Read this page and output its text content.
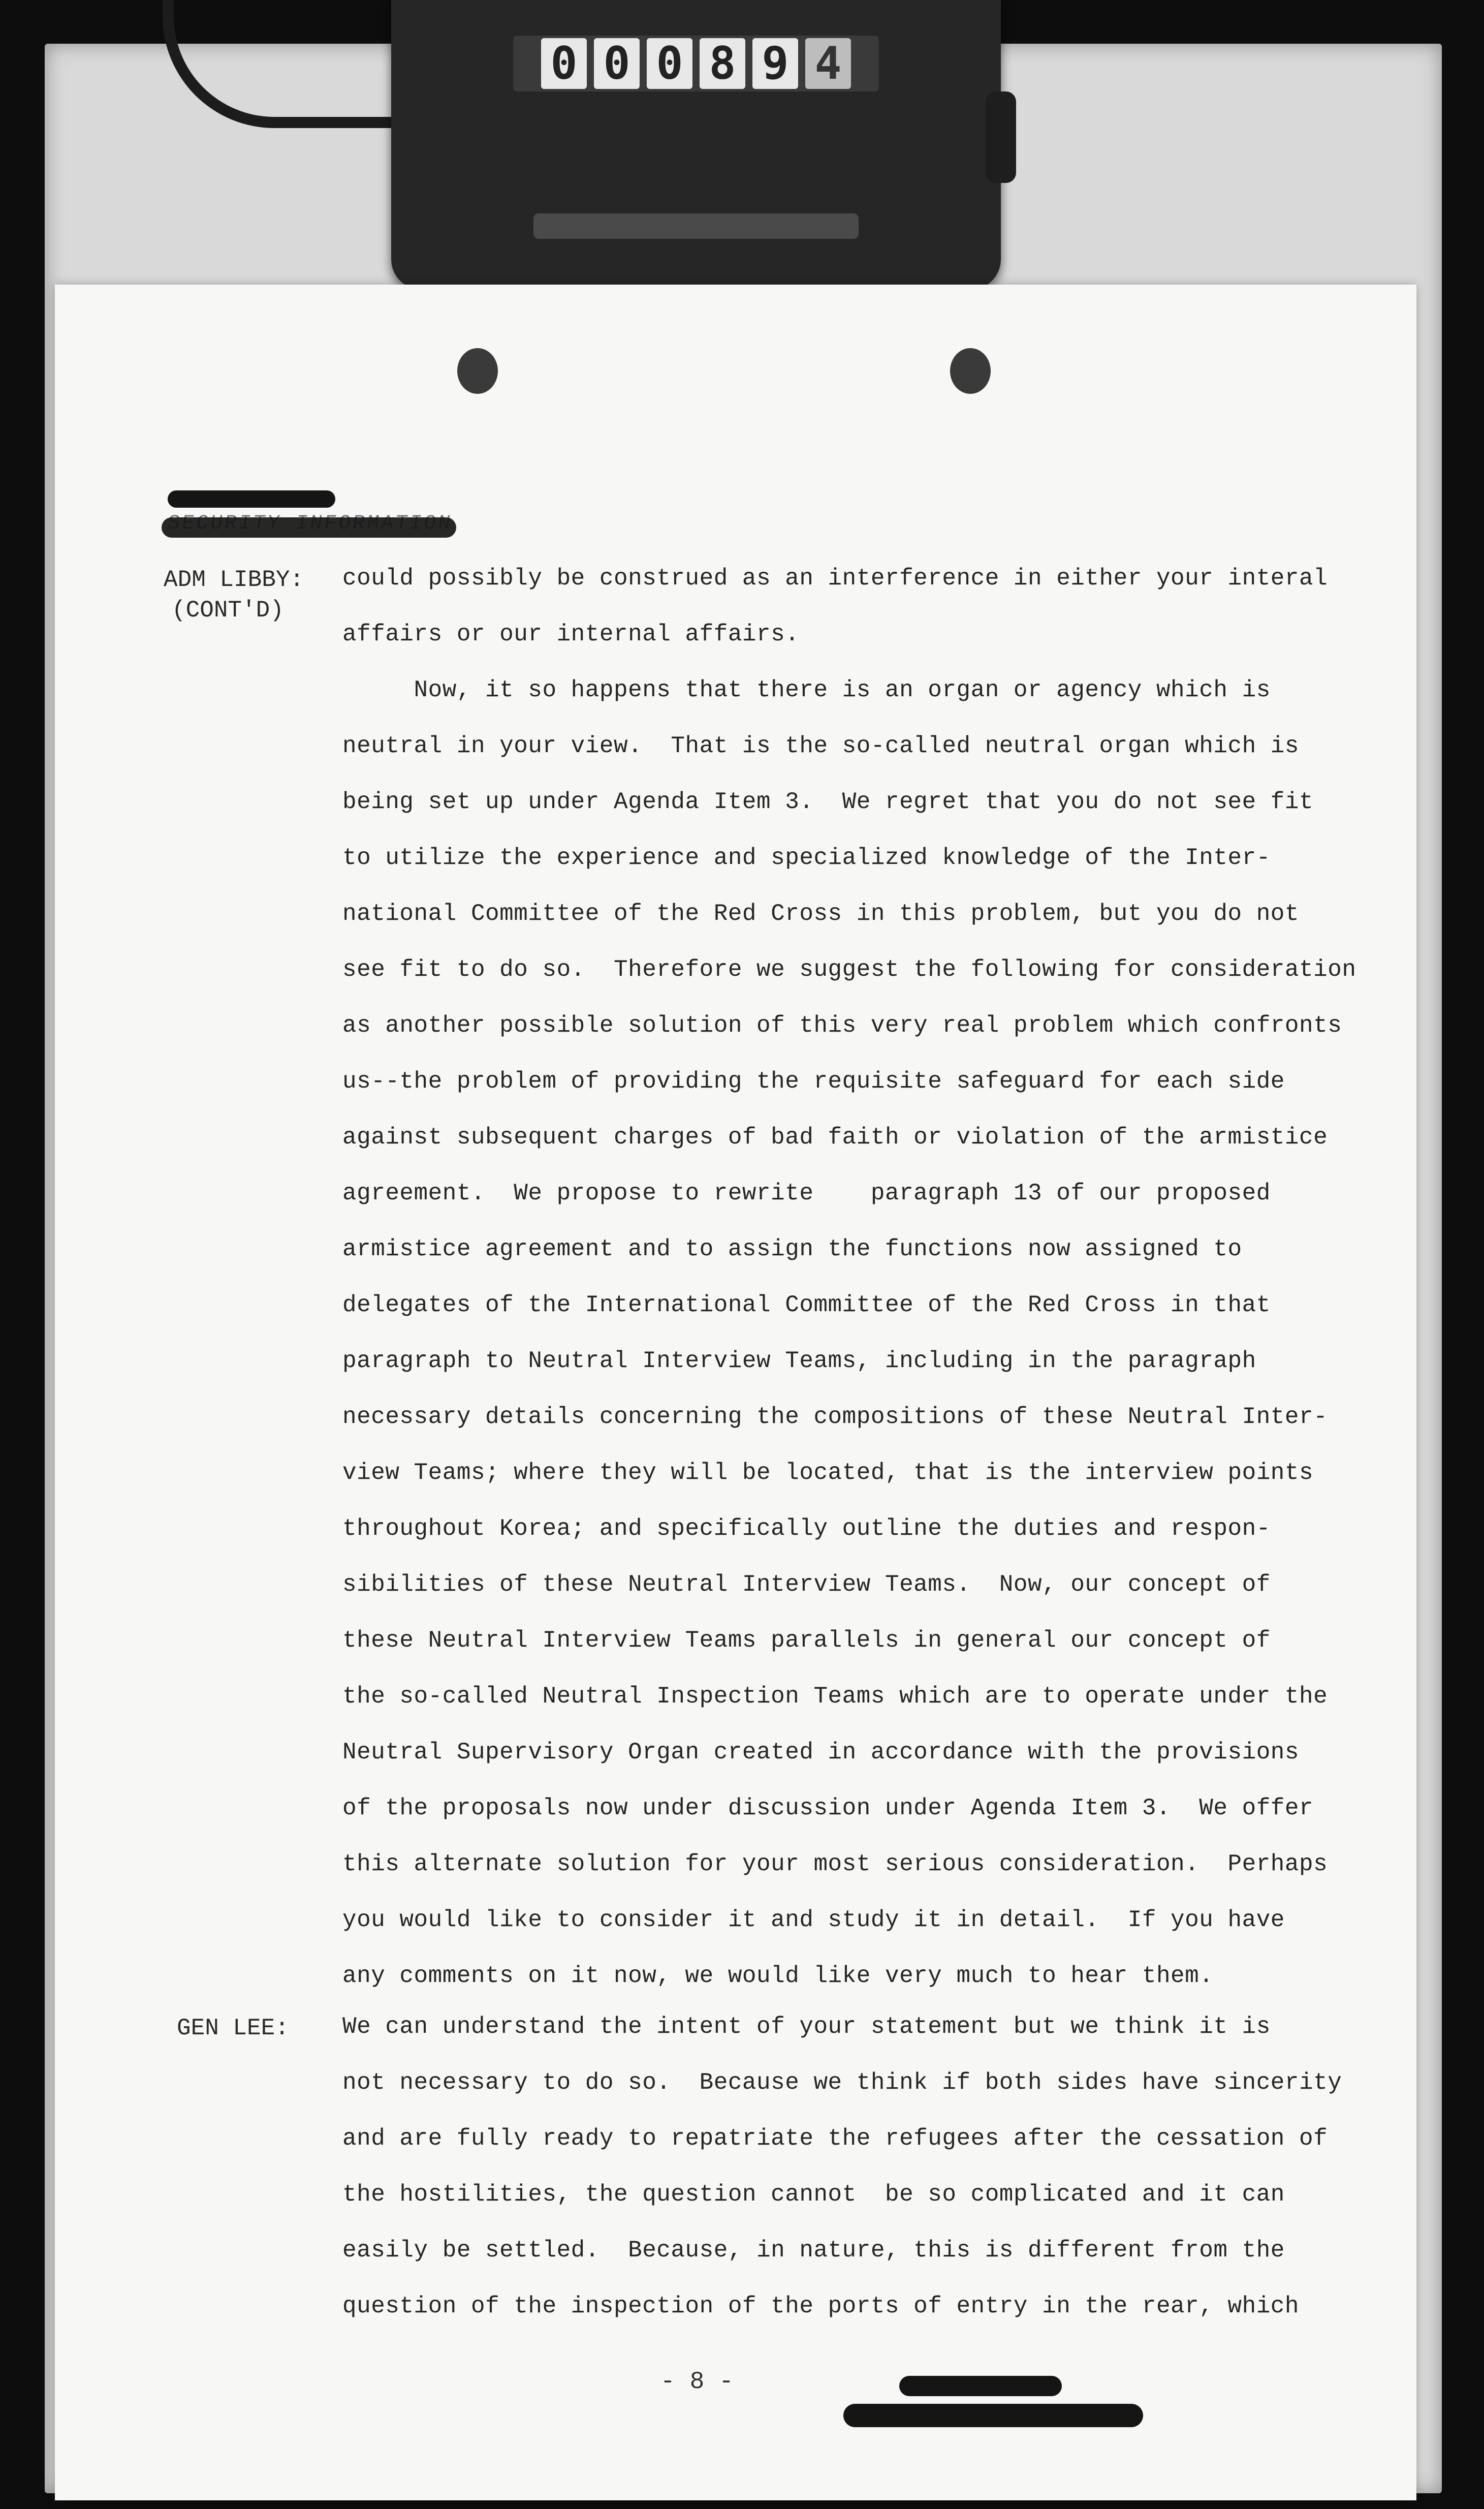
0 0 0 8 9 4
ADM LIBBY:
(CONT'D)
GEN LEE:
could possibly be construed as an interference in either your interal
affairs or our internal affairs.
Now, it so happens that there is an organ or agency which is
neutral in your view.  That is the so-called neutral organ which is
being set up under Agenda Item 3.  We regret that you do not see fit
to utilize the experience and specialized knowledge of the Inter-
national Committee of the Red Cross in this problem, but you do not
see fit to do so.  Therefore we suggest the following for consideration
as another possible solution of this very real problem which confronts
us--the problem of providing the requisite safeguard for each side
against subsequent charges of bad faith or violation of the armistice
agreement.  We propose to rewrite    paragraph 13 of our proposed
armistice agreement and to assign the functions now assigned to
delegates of the International Committee of the Red Cross in that
paragraph to Neutral Interview Teams, including in the paragraph
necessary details concerning the compositions of these Neutral Inter-
view Teams; where they will be located, that is the interview points
throughout Korea; and specifically outline the duties and respon-
sibilities of these Neutral Interview Teams.  Now, our concept of
these Neutral Interview Teams parallels in general our concept of
the so-called Neutral Inspection Teams which are to operate under the
Neutral Supervisory Organ created in accordance with the provisions
of the proposals now under discussion under Agenda Item 3.  We offer
this alternate solution for your most serious consideration.  Perhaps
you would like to consider it and study it in detail.  If you have
any comments on it now, we would like very much to hear them.
We can understand the intent of your statement but we think it is
not necessary to do so.  Because we think if both sides have sincerity
and are fully ready to repatriate the refugees after the cessation of
the hostilities, the question cannot  be so complicated and it can
easily be settled.  Because, in nature, this is different from the
question of the inspection of the ports of entry in the rear, which
- 8 -
